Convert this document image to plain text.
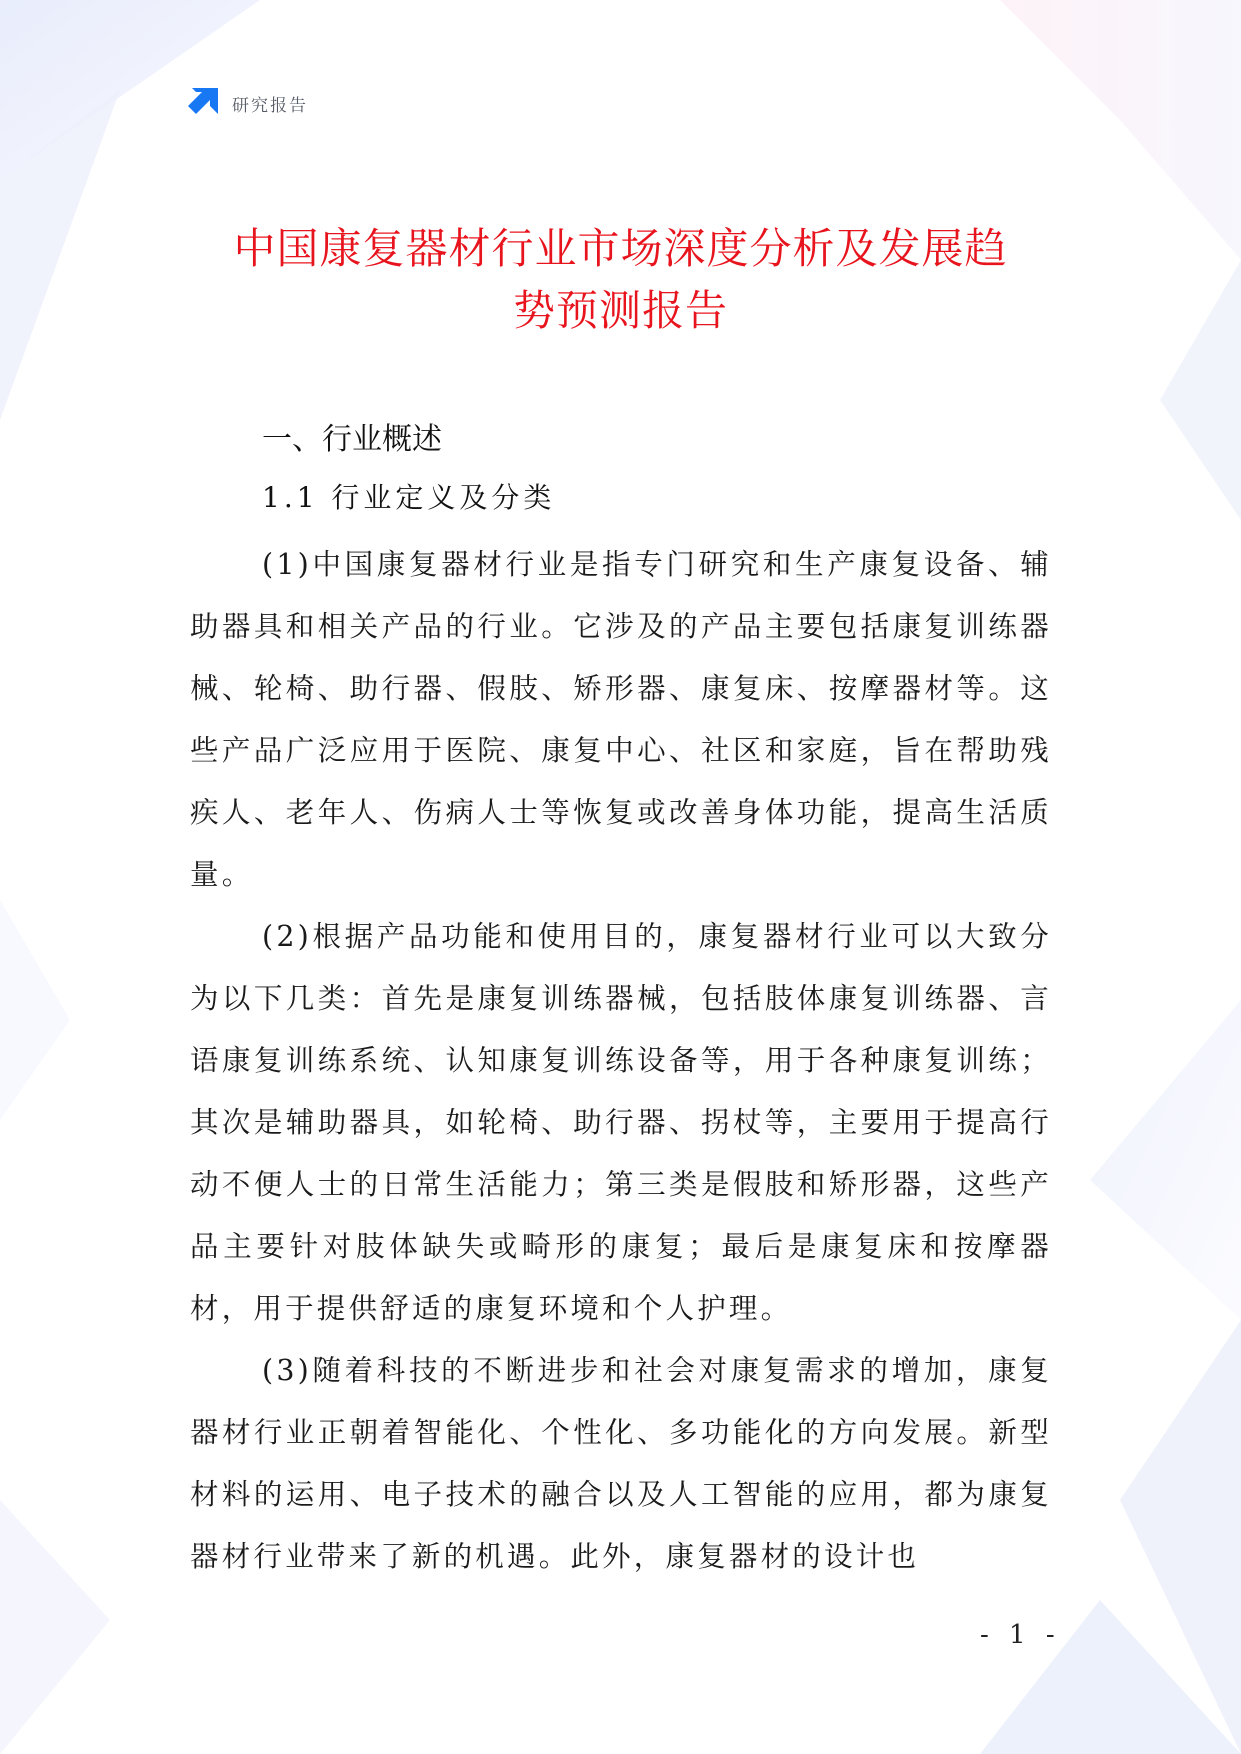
研究报告
中国康复器材行业市场深度分析及发展趋
势预测报告
一、行业概述
1.1 行业定义及分类

(1)中国康复器材行业是指专门研究和生产康复设备、辅助器具和相关产品的行业。它涉及的产品主要包括康复训练器械、轮椅、助行器、假肢、矫形器、康复床、按摩器材等。这些产品广泛应用于医院、康复中心、社区和家庭，旨在帮助残疾人、老年人、伤病人士等恢复或改善身体功能，提高生活质量。

(2)根据产品功能和使用目的，康复器材行业可以大致分为以下几类：首先是康复训练器械，包括肢体康复训练器、言语康复训练系统、认知康复训练设备等，用于各种康复训练；其次是辅助器具，如轮椅、助行器、拐杖等，主要用于提高行动不便人士的日常生活能力；第三类是假肢和矫形器，这些产品主要针对肢体缺失或畸形的康复；最后是康复床和按摩器材，用于提供舒适的康复环境和个人护理。

(3)随着科技的不断进步和社会对康复需求的增加，康复器材行业正朝着智能化、个性化、多功能化的方向发展。新型材料的运用、电子技术的融合以及人工智能的应用，都为康复器材行业带来了新的机遇。此外，康复器材的设计也

- 1 -
